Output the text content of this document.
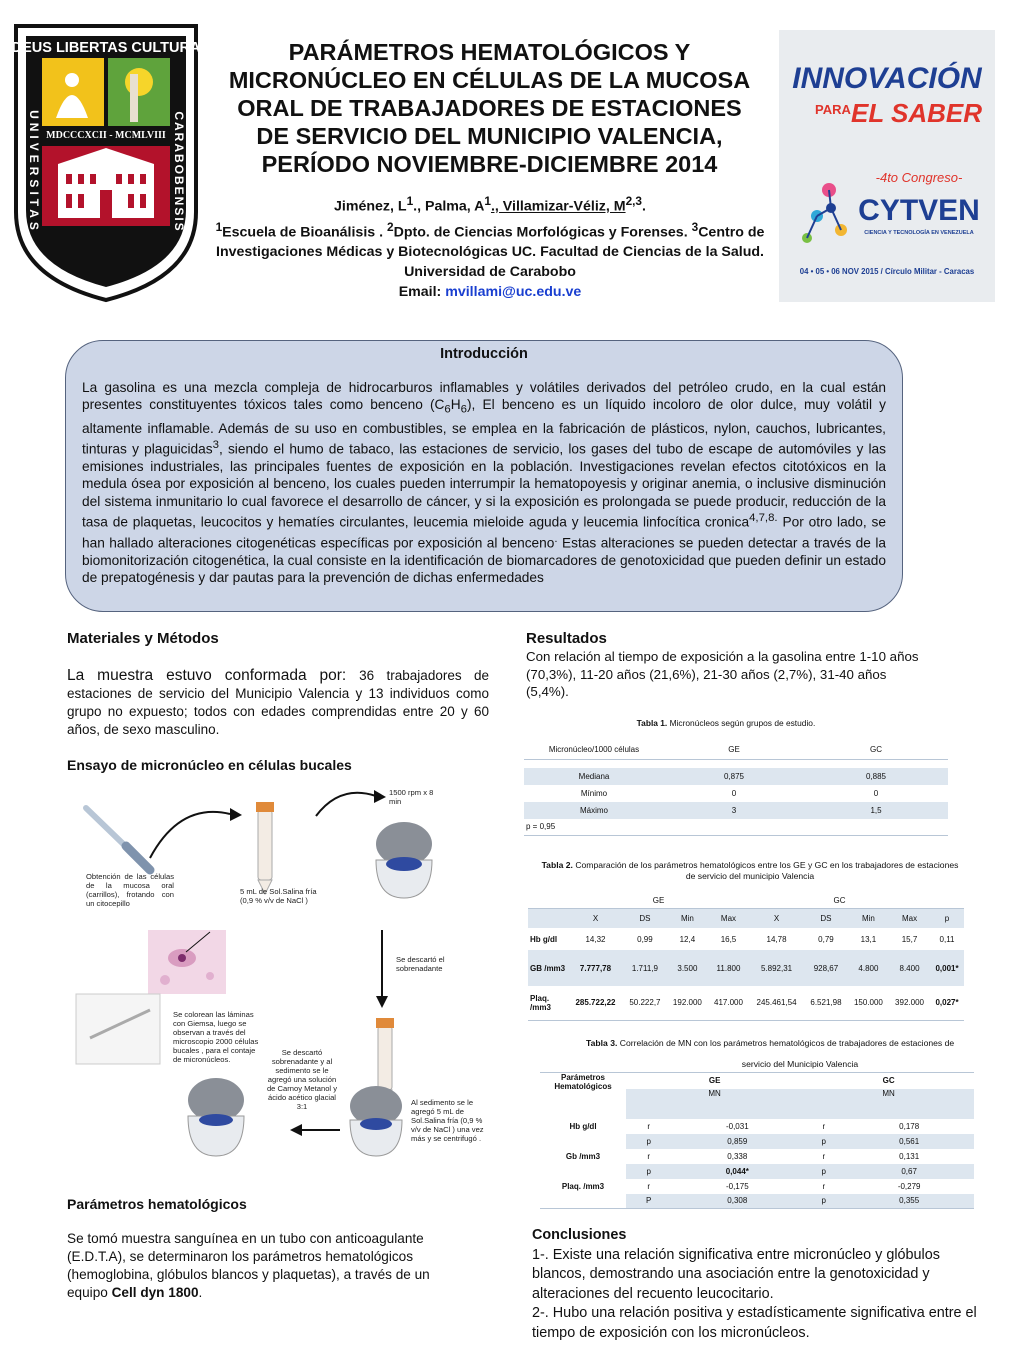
DEUS LIBERTAS CULTURA
MDCCCXCII - MCMLVIII
UNIVERSITAS	CARABOBENSIS
PARÁMETROS HEMATOLÓGICOS Y
MICRONÚCLEO EN CÉLULAS DE LA MUCOSA
ORAL DE TRABAJADORES DE ESTACIONES
DE SERVICIO DEL MUNICIPIO VALENCIA,
PERÍODO NOVIEMBRE-DICIEMBRE 2014
Jiménez, $L^1$., Palma, $A^1$., Villamizar-Véliz, M$^{2,3}$.
$^1$Escuela de Bioanálisis . $^2$Dpto. de Ciencias Morfológicas y Forenses. $^3$Centro de
Investigaciones Médicas y Biotecnológicas UC. Facultad de Ciencias de la Salud.
Universidad de Carabobo
Email: mvillami@uc.edu.ve
INNOVACIÓN
PARA EL SABER
-4to Congreso-
CYTVEN
CIENCIA Y TECNOLOGÍA EN VENEZUELA
04 • 05 • 06 NOV 2015 / Círculo Militar - Caracas
Introducción

La gasolina es una mezcla compleja de hidrocarburos inflamables y volátiles derivados del petróleo crudo, en la cual están presentes constituyentes tóxicos tales como benceno $(C_6H_6)$, El benceno es un líquido incoloro de olor dulce, muy volátil y altamente inflamable. Además de su uso en combustibles, se emplea en la fabricación de plásticos, nylon, cauchos, lubricantes, tinturas y plaguicidas$^3$, siendo el humo de tabaco, las estaciones de servicio, los gases del tubo de escape de automóviles y las emisiones industriales, las principales fuentes de exposición en la población. Investigaciones revelan efectos citotóxicos en la medula ósea por exposición al benceno, los cuales pueden interrumpir la hematopoyesis y originar anemia, o inclusive disminución del sistema inmunitario lo cual favorece el desarrollo de cáncer, y si la exposición es prolongada se puede producir, reducción de la tasa de plaquetas, leucocitos y hematíes circulantes, leucemia mieloide aguda y leucemia linfocítica cronica$^{4,7,8.}$ Por otro lado, se han hallado alteraciones citogenéticas específicas por exposición al benceno. Estas alteraciones se pueden detectar a través de la biomonitorización citogenética, la cual consiste en la identificación de biomarcadores de genotoxicidad que pueden definir un estado de prepatogénesis y dar pautas para la prevención de dichas enfermedades

Materiales y Métodos
La muestra estuvo conformada por: 36 trabajadores de estaciones de servicio del Municipio Valencia y 13 individuos como grupo no expuesto; todos con edades comprendidas entre 20 y 60 años, de sexo masculino.
Ensayo de micronúcleo en células bucales
1500 rpm x 8 min
Obtención de las células de la mucosa oral (carrillos), frotando con un citocepillo
5 mL de Sol.Salina fría (0,9 % v/v de NaCl )
Se descartó el sobrenadante
Se colorean las láminas con Giemsa, luego se observan a través del microscopio 2000 células bucales , para el contaje de micronúcleos.
Se descartó sobrenadante y al sedimento se le agregó una solución de Carnoy Metanol y ácido acético glacial 3:1	Al sedimento se le agregó 5 mL de Sol.Salina fría (0,9 % v/v de NaCl ) una vez más y se centrifugó .
Parámetros hematológicos
Se tomó muestra sanguínea en un tubo con anticoagulante (E.D.T.A), se determinaron los parámetros hematológicos (hemoglobina, glóbulos blancos y plaquetas), a través de un equipo Cell dyn 1800.
Resultados
Con relación al tiempo de exposición a la gasolina entre 1-10 años (70,3%), 11-20 años (21,6%), 21-30 años (2,7%), 31-40 años (5,4%).
Tabla 1. Micronúcleos según grupos de estudio.
Micronúcleo/1000 células	GE	GC

Mediana	0,875	0,885
Mínimo	0	0
Máximo	3	1,5
p = 0,95		
Tabla 2. Comparación de los parámetros hematológicos entre los GE y GC en los trabajadores de estaciones de servicio del municipio Valencia
	GE				GC				
	X	DS	Min	Max	X	DS	Min	Max	p
Hb g/dl	14,32	0,99	12,4	16,5	14,78	0,79	13,1	15,7	0,11
GB /mm3	7.777,78	1.711,9	3.500	11.800	5.892,31	928,67	4.800	8.400	0,001*
Plaq. /mm3	285.722,22	50.222,7	192.000	417.000	245.461,54	6.521,98	150.000	392.000	0,027*
Tabla 3. Correlación de MN con los parámetros hematológicos de trabajadores de estaciones de
servicio del Municipio Valencia
Parámetros Hematológicos	GE		GC	
	MN		MN	
Hb g/dl	r	-0,031	r	0,178
	p	0,859	p	0,561
Gb /mm3	r	0,338	r	0,131
	p	0,044*	p	0,67
Plaq. /mm3	r	-0,175	r	-0,279
	P	0,308	p	0,355
Conclusiones
1-. Existe una relación significativa entre micronúcleo y glóbulos blancos, demostrando una asociación entre la genotoxicidad y alteraciones del recuento leucocitario.
2-. Hubo una relación positiva y estadísticamente significativa entre el tiempo de exposición con los micronúcleos.
